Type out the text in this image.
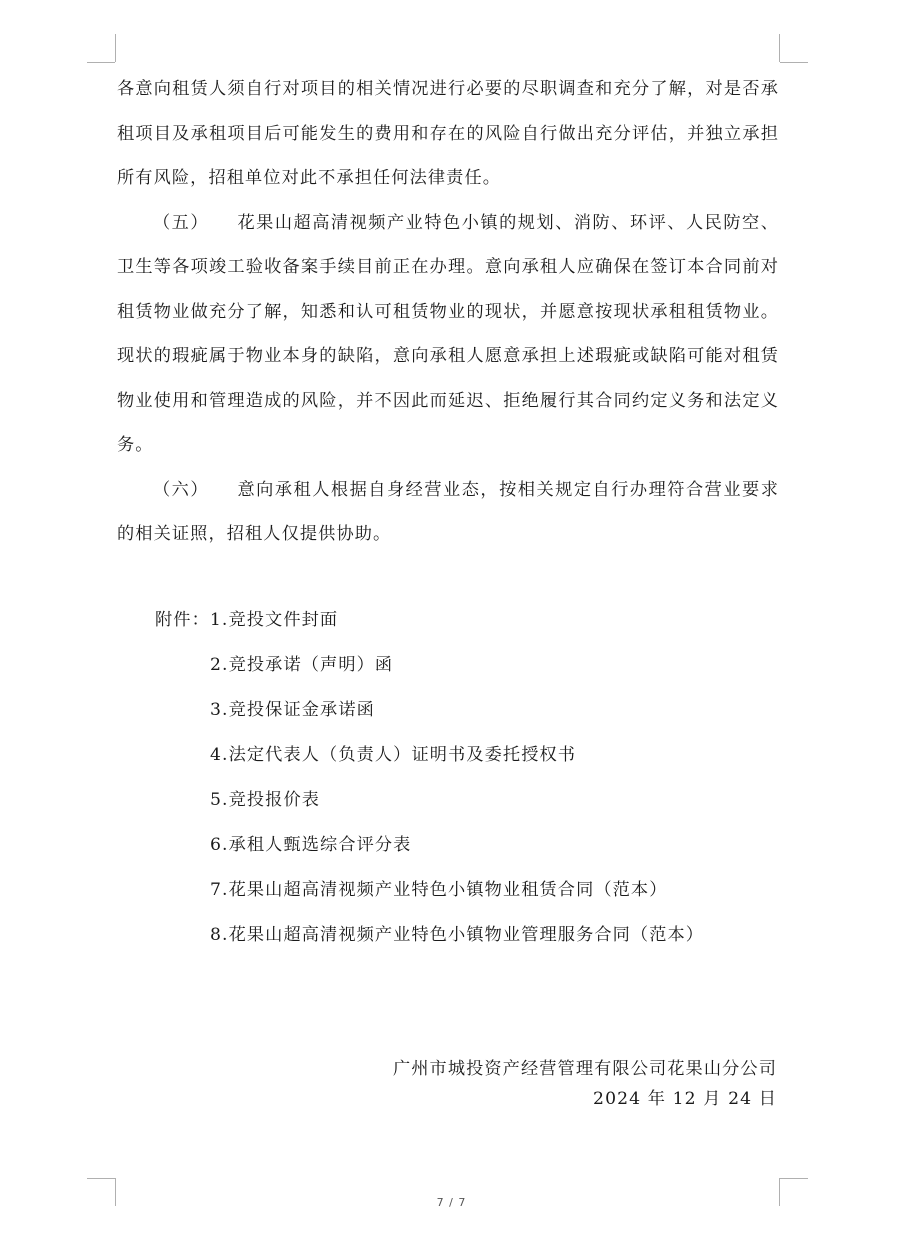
各意向租赁人须自行对项目的相关情况进行必要的尽职调查和充分了解，对是否承租项目及承租项目后可能发生的费用和存在的风险自行做出充分评估，并独立承担所有风险，招租单位对此不承担任何法律责任。

（五） 花果山超高清视频产业特色小镇的规划、消防、环评、人民防空、卫生等各项竣工验收备案手续目前正在办理。意向承租人应确保在签订本合同前对租赁物业做充分了解，知悉和认可租赁物业的现状，并愿意按现状承租租赁物业。现状的瑕疵属于物业本身的缺陷，意向承租人愿意承担上述瑕疵或缺陷可能对租赁物业使用和管理造成的风险，并不因此而延迟、拒绝履行其合同约定义务和法定义务。

（六） 意向承租人根据自身经营业态，按相关规定自行办理符合营业要求的相关证照，招租人仅提供协助。

附件：1.竞投文件封面
2.竞投承诺（声明）函
3.竞投保证金承诺函
4.法定代表人（负责人）证明书及委托授权书
5.竞投报价表
6.承租人甄选综合评分表
7.花果山超高清视频产业特色小镇物业租赁合同（范本）
8.花果山超高清视频产业特色小镇物业管理服务合同（范本）
广州市城投资产经营管理有限公司花果山分公司
2024 年 12 月 24 日
7 / 7
